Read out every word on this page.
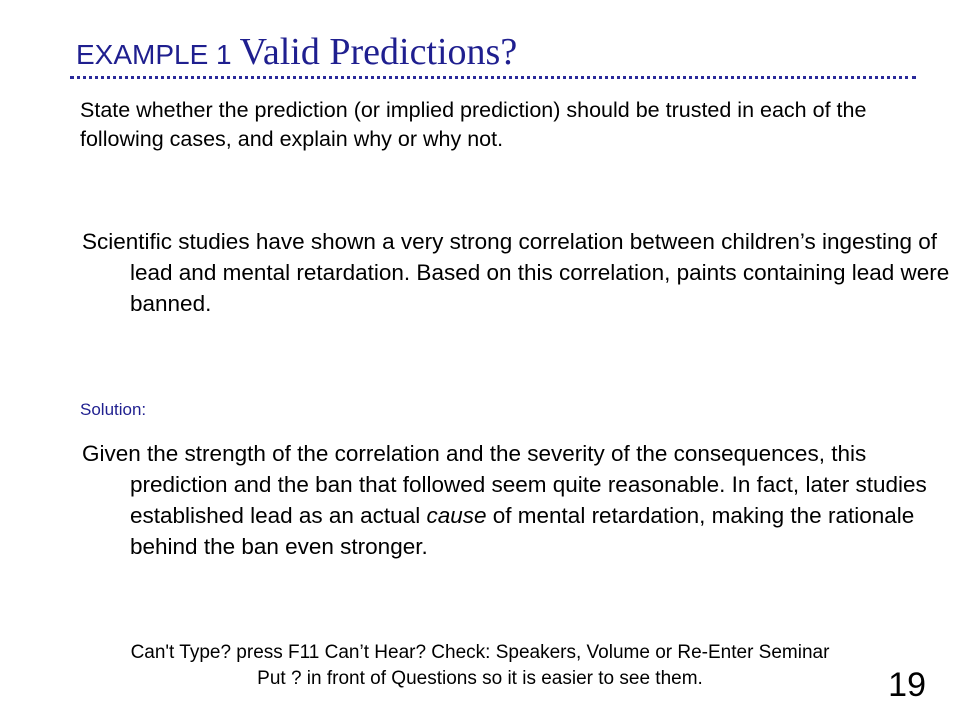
EXAMPLE 1 Valid Predictions?
State whether the prediction (or implied prediction) should be trusted in each of the following cases, and explain why or why not.
Scientific studies have shown a very strong correlation between children’s ingesting of lead and mental retardation. Based on this correlation, paints containing lead were banned.
Solution:
Given the strength of the correlation and the severity of the consequences, this prediction and the ban that followed seem quite reasonable. In fact, later studies established lead as an actual cause of mental retardation, making the rationale behind the ban even stronger.
Can't Type? press F11 Can’t Hear? Check: Speakers, Volume or Re-Enter Seminar
Put ? in front of Questions so it is easier to see them.	19
